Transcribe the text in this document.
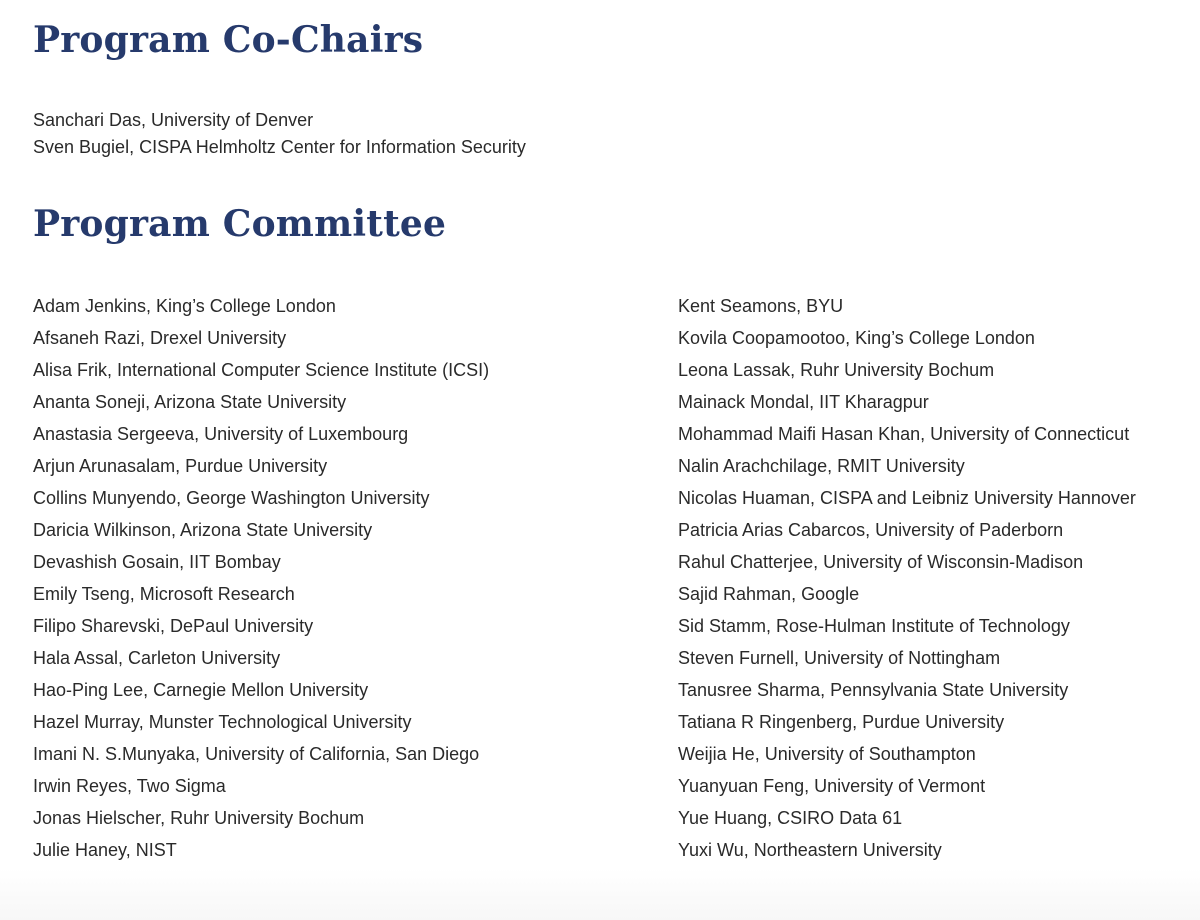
Program Co-Chairs
Sanchari Das, University of Denver
Sven Bugiel, CISPA Helmholtz Center for Information Security
Program Committee
Adam Jenkins, King’s College London
Afsaneh Razi, Drexel University
Alisa Frik, International Computer Science Institute (ICSI)
Ananta Soneji, Arizona State University
Anastasia Sergeeva, University of Luxembourg
Arjun Arunasalam, Purdue University
Collins Munyendo, George Washington University
Daricia Wilkinson, Arizona State University
Devashish Gosain, IIT Bombay
Emily Tseng, Microsoft Research
Filipo Sharevski, DePaul University
Hala Assal, Carleton University
Hao-Ping Lee, Carnegie Mellon University
Hazel Murray, Munster Technological University
Imani N. S.Munyaka, University of California, San Diego
Irwin Reyes, Two Sigma
Jonas Hielscher, Ruhr University Bochum
Julie Haney, NIST
Kent Seamons, BYU
Kovila Coopamootoo, King’s College London
Leona Lassak, Ruhr University Bochum
Mainack Mondal, IIT Kharagpur
Mohammad Maifi Hasan Khan, University of Connecticut
Nalin Arachchilage, RMIT University
Nicolas Huaman, CISPA and Leibniz University Hannover
Patricia Arias Cabarcos, University of Paderborn
Rahul Chatterjee, University of Wisconsin-Madison
Sajid Rahman, Google
Sid Stamm, Rose-Hulman Institute of Technology
Steven Furnell, University of Nottingham
Tanusree Sharma, Pennsylvania State University
Tatiana R Ringenberg, Purdue University
Weijia He, University of Southampton
Yuanyuan Feng, University of Vermont
Yue Huang, CSIRO Data 61
Yuxi Wu, Northeastern University
